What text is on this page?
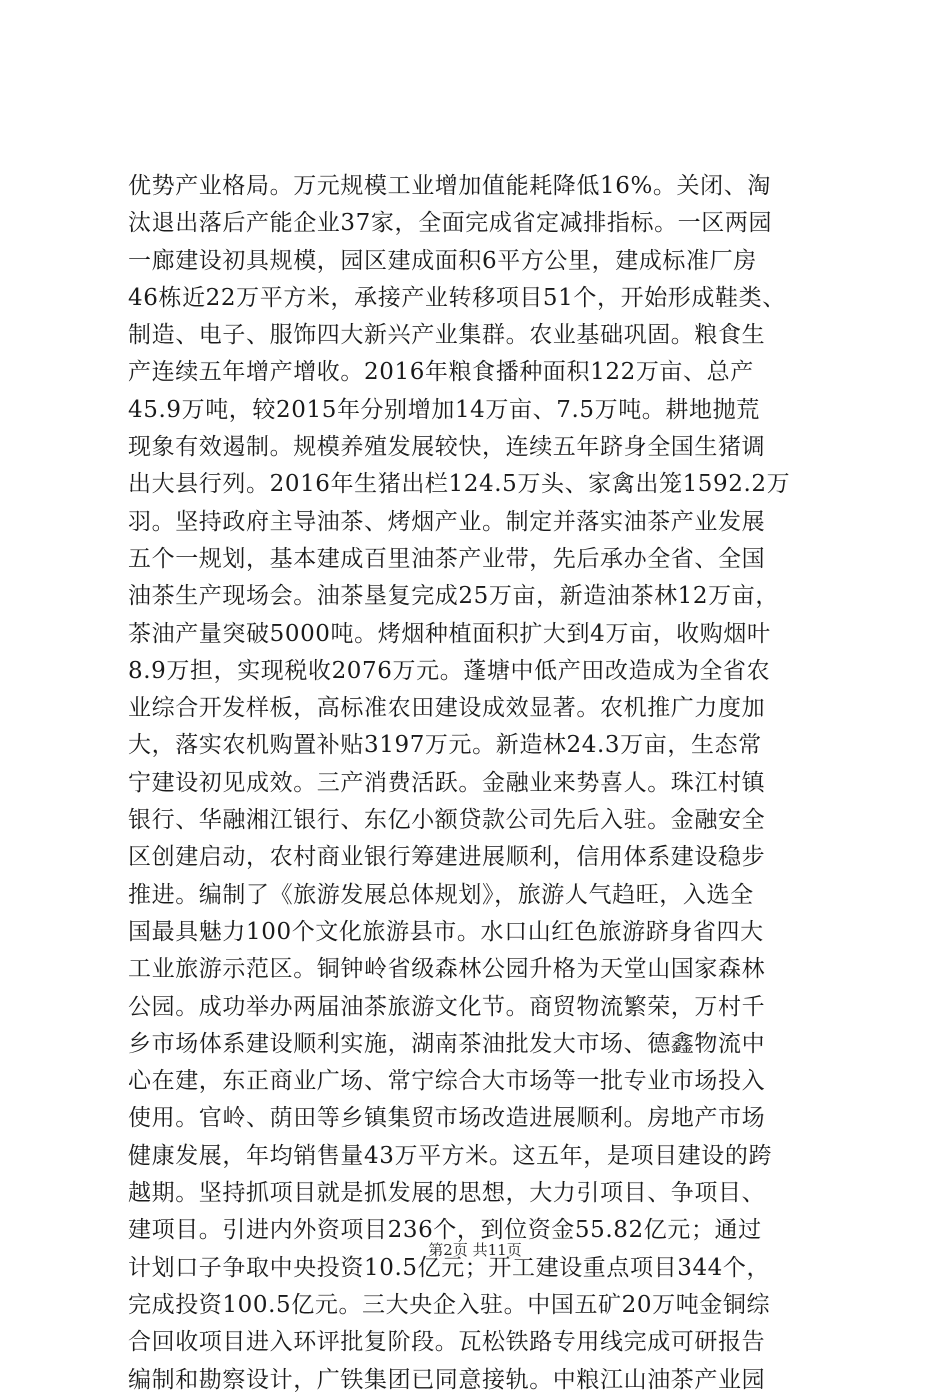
优势产业格局。万元规模工业增加值能耗降低16%。关闭、淘
汰退出落后产能企业37家，全面完成省定减排指标。一区两园
一廊建设初具规模，园区建成面积6平方公里，建成标准厂房
46栋近22万平方米，承接产业转移项目51个，开始形成鞋类、
制造、电子、服饰四大新兴产业集群。农业基础巩固。粮食生
产连续五年增产增收。2016年粮食播种面积122万亩、总产
45.9万吨，较2015年分别增加14万亩、7.5万吨。耕地抛荒
现象有效遏制。规模养殖发展较快，连续五年跻身全国生猪调
出大县行列。2016年生猪出栏124.5万头、家禽出笼1592.2万
羽。坚持政府主导油茶、烤烟产业。制定并落实油茶产业发展
五个一规划，基本建成百里油茶产业带，先后承办全省、全国
油茶生产现场会。油茶垦复完成25万亩，新造油茶林12万亩，
茶油产量突破5000吨。烤烟种植面积扩大到4万亩，收购烟叶
8.9万担，实现税收2076万元。蓬塘中低产田改造成为全省农
业综合开发样板，高标准农田建设成效显著。农机推广力度加
大，落实农机购置补贴3197万元。新造林24.3万亩，生态常
宁建设初见成效。三产消费活跃。金融业来势喜人。珠江村镇
银行、华融湘江银行、东亿小额贷款公司先后入驻。金融安全
区创建启动，农村商业银行筹建进展顺利，信用体系建设稳步
推进。编制了《旅游发展总体规划》，旅游人气趋旺，入选全
国最具魅力100个文化旅游县市。水口山红色旅游跻身省四大
工业旅游示范区。铜钟岭省级森林公园升格为天堂山国家森林
公园。成功举办两届油茶旅游文化节。商贸物流繁荣，万村千
乡市场体系建设顺利实施，湖南茶油批发大市场、德鑫物流中
心在建，东正商业广场、常宁综合大市场等一批专业市场投入
使用。官岭、荫田等乡镇集贸市场改造进展顺利。房地产市场
健康发展，年均销售量43万平方米。这五年，是项目建设的跨
越期。坚持抓项目就是抓发展的思想，大力引项目、争项目、
建项目。引进内外资项目236个，到位资金55.82亿元；通过
计划口子争取中央投资10.5亿元；开工建设重点项目344个，
完成投资100.5亿元。三大央企入驻。中国五矿20万吨金铜综
合回收项目进入环评批复阶段。瓦松铁路专用线完成可研报告
编制和勘察设计，广铁集团已同意接轨。中粮江山油茶产业园
第2页 共11页
